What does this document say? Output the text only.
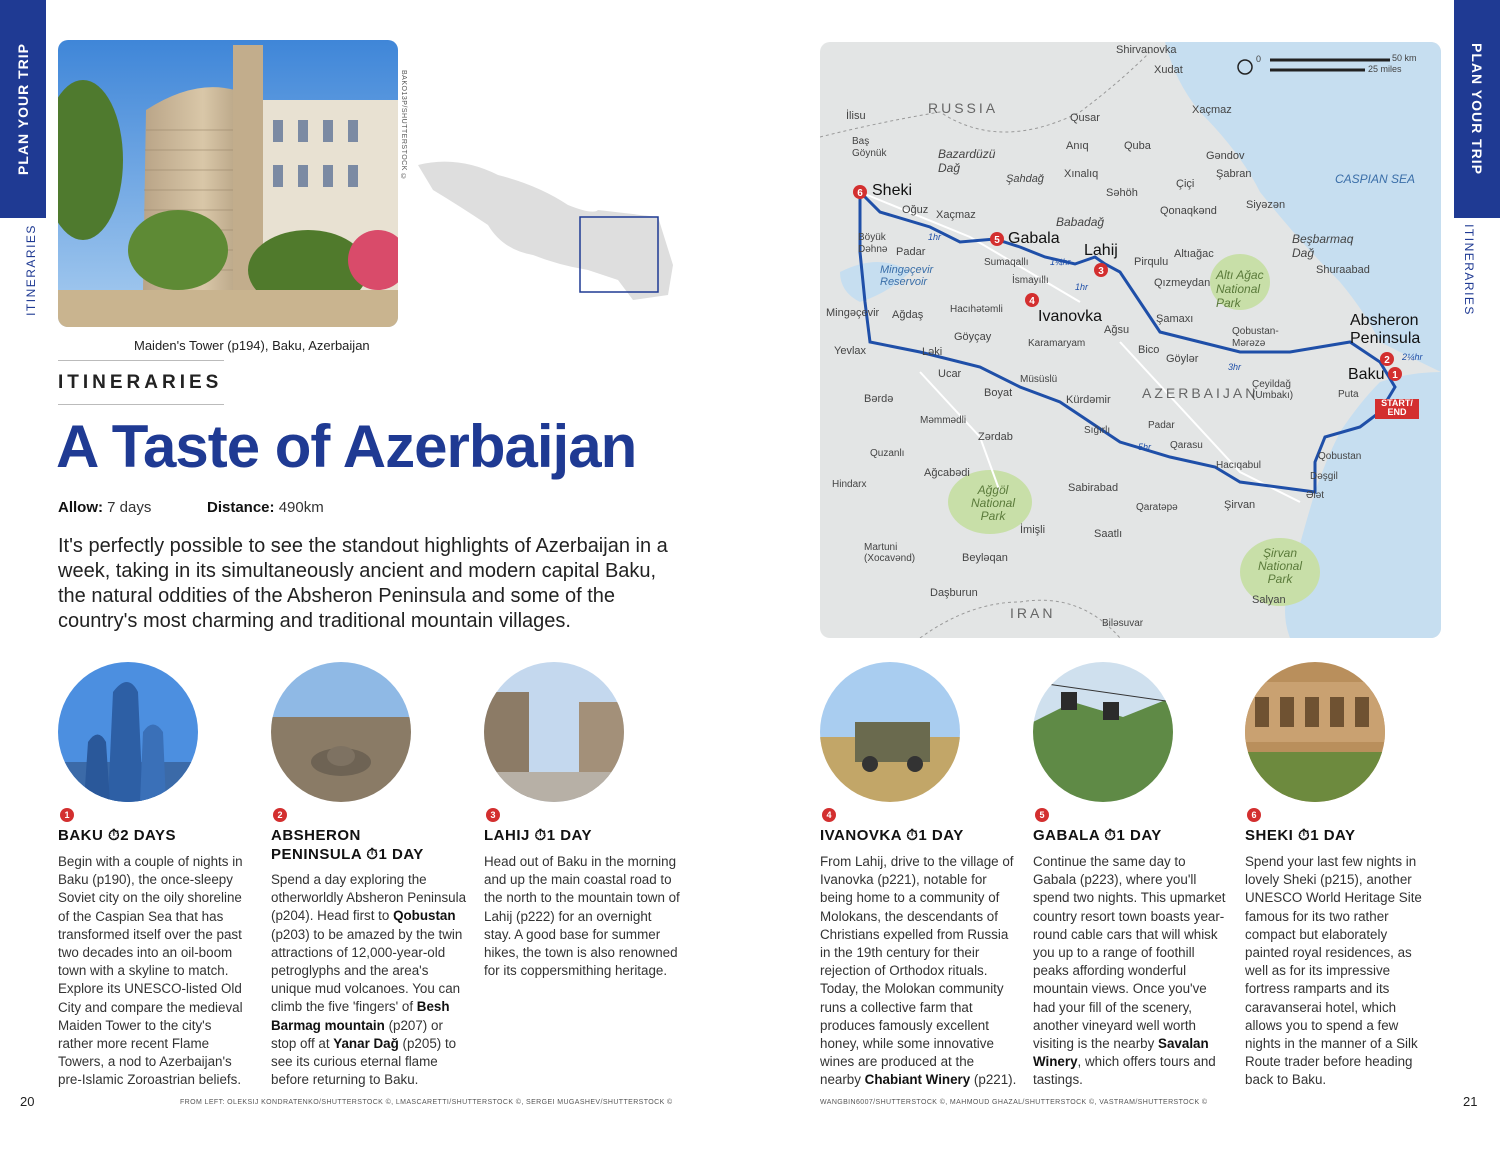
PLAN YOUR TRIP
ITINERARIES
PLAN YOUR TRIP
ITINERARIES
BAKO13P/SHUTTERSTOCK ©
Maiden's Tower (p194), Baku, Azerbaijan
ITINERARIES
A Taste of Azerbaijan
Allow: 7 days	Distance: 490km
It's perfectly possible to see the standout highlights of Azerbaijan in a week, taking in its simultaneously ancient and modern capital Baku, the natural oddities of the Absheron Peninsula and some of the country's most charming and traditional mountain villages.
1
BAKU ⏱2 DAYS
Begin with a couple of nights in Baku (p190), the once-sleepy Soviet city on the oily shoreline of the Caspian Sea that has transformed itself over the past two decades into an oil-boom town with a skyline to match. Explore its UNESCO-listed Old City and compare the medieval Maiden Tower to the city's rather more recent Flame Towers, a nod to Azerbaijan's pre-Islamic Zoroastrian beliefs.
2
ABSHERON PENINSULA ⏱1 DAY
Spend a day exploring the otherworldly Absheron Peninsula (p204). Head first to Qobustan (p203) to be amazed by the twin attractions of 12,000-year-old petroglyphs and the area's unique mud volcanoes. You can climb the five 'fingers' of Besh Barmag mountain (p207) or stop off at Yanar Dağ (p205) to see its curious eternal flame before returning to Baku.
3
LAHIJ ⏱1 DAY
Head out of Baku in the morning and up the main coastal road to the north to the mountain town of Lahij (p222) for an overnight stay. A good base for summer hikes, the town is also renowned for its coppersmithing heritage.
4
IVANOVKA ⏱1 DAY
From Lahij, drive to the village of Ivanovka (p221), notable for being home to a community of Molokans, the descendants of Christians expelled from Russia in the 19th century for their rejection of Orthodox rituals. Today, the Molokan community runs a collective farm that produces famously excellent honey, while some innovative wines are produced at the nearby Chabiant Winery (p221).
5
GABALA ⏱1 DAY
Continue the same day to Gabala (p223), where you'll spend two nights. This upmarket country resort town boasts year-round cable cars that will whisk you up to a range of foothill peaks affording wonderful mountain views. Once you've had your fill of the scenery, another vineyard well worth visiting is the nearby Savalan Winery, which offers tours and tastings.
6
SHEKI ⏱1 DAY
Spend your last few nights in lovely Sheki (p215), another UNESCO World Heritage Site famous for its two rather compact but elaborately painted royal residences, as well as for its impressive fortress ramparts and its caravanserai hotel, which allows you to spend a few nights in the manner of a Silk Route trader before heading back to Baku.
20	21
FROM LEFT: OLEKSIJ KONDRATENKO/SHUTTERSTOCK ©, LMASCARETTI/SHUTTERSTOCK ©, SERGEI MUGASHEV/SHUTTERSTOCK ©	WANGBIN6007/SHUTTERSTOCK ©, MAHMOUD GHAZAL/SHUTTERSTOCK ©, VASTRAM/SHUTTERSTOCK ©
6
5
3
4
2
1
0	50 km
25 miles
RUSSIA
AZERBAIJAN
IRAN
CASPIAN SEA
Sheki
Gabala
Lahij
Ivanovka	Absheron Peninsula
Baku
START/ END
1hr
1¼hr
1hr
3hr
5hr
2¼hr
Shirvanovka
Xudat
Xaçmaz
Qusar
Quba
Anıq
Gəndov
Şabran
Çiçi
Qonaqkənd	Siyəzən
Səhöh
Xınalıq
Şahdağ
Bazardüzü Dağ
Babadağ
Beşbarmaq Dağ
Shuraabad
Altıağac
Altı Ağac National Park
Pirqulu
Qızmeydan
Şamaxı
Qobustan-Mərəzə
Göylər
Ağsu
Bico
Karamaryam
Göyçay
Hacıhətəmli
Ağdaş
Mingəçevir
Mingəçevir Reservoir
Padar
Sumaqallı
İsmayıllı
Oğuz Xaçmaz
Böyük Dəhnə
Baş Göynük
İlisu
Yevlax	Ləki
Ucar	Müsüslü
Kürdəmir
Boyat
Bərdə
Məmmədli
Zərdab
Quzanlı
Ağcabədi
Hindarx	Ağgöl National Park
Sabirabad
Qaratəpə	Şirvan
İmişli	Saatlı
Martuni (Xocavənd)	Beyləqan
Daşburun
Biləsuvar
Salyan
Şirvan National Park
Hacıqabul
Qarasu
Padar
Sığırlı
Qobustan
Dəşgil
Ələt
Puta
Çeyildağ (Umbakı)
